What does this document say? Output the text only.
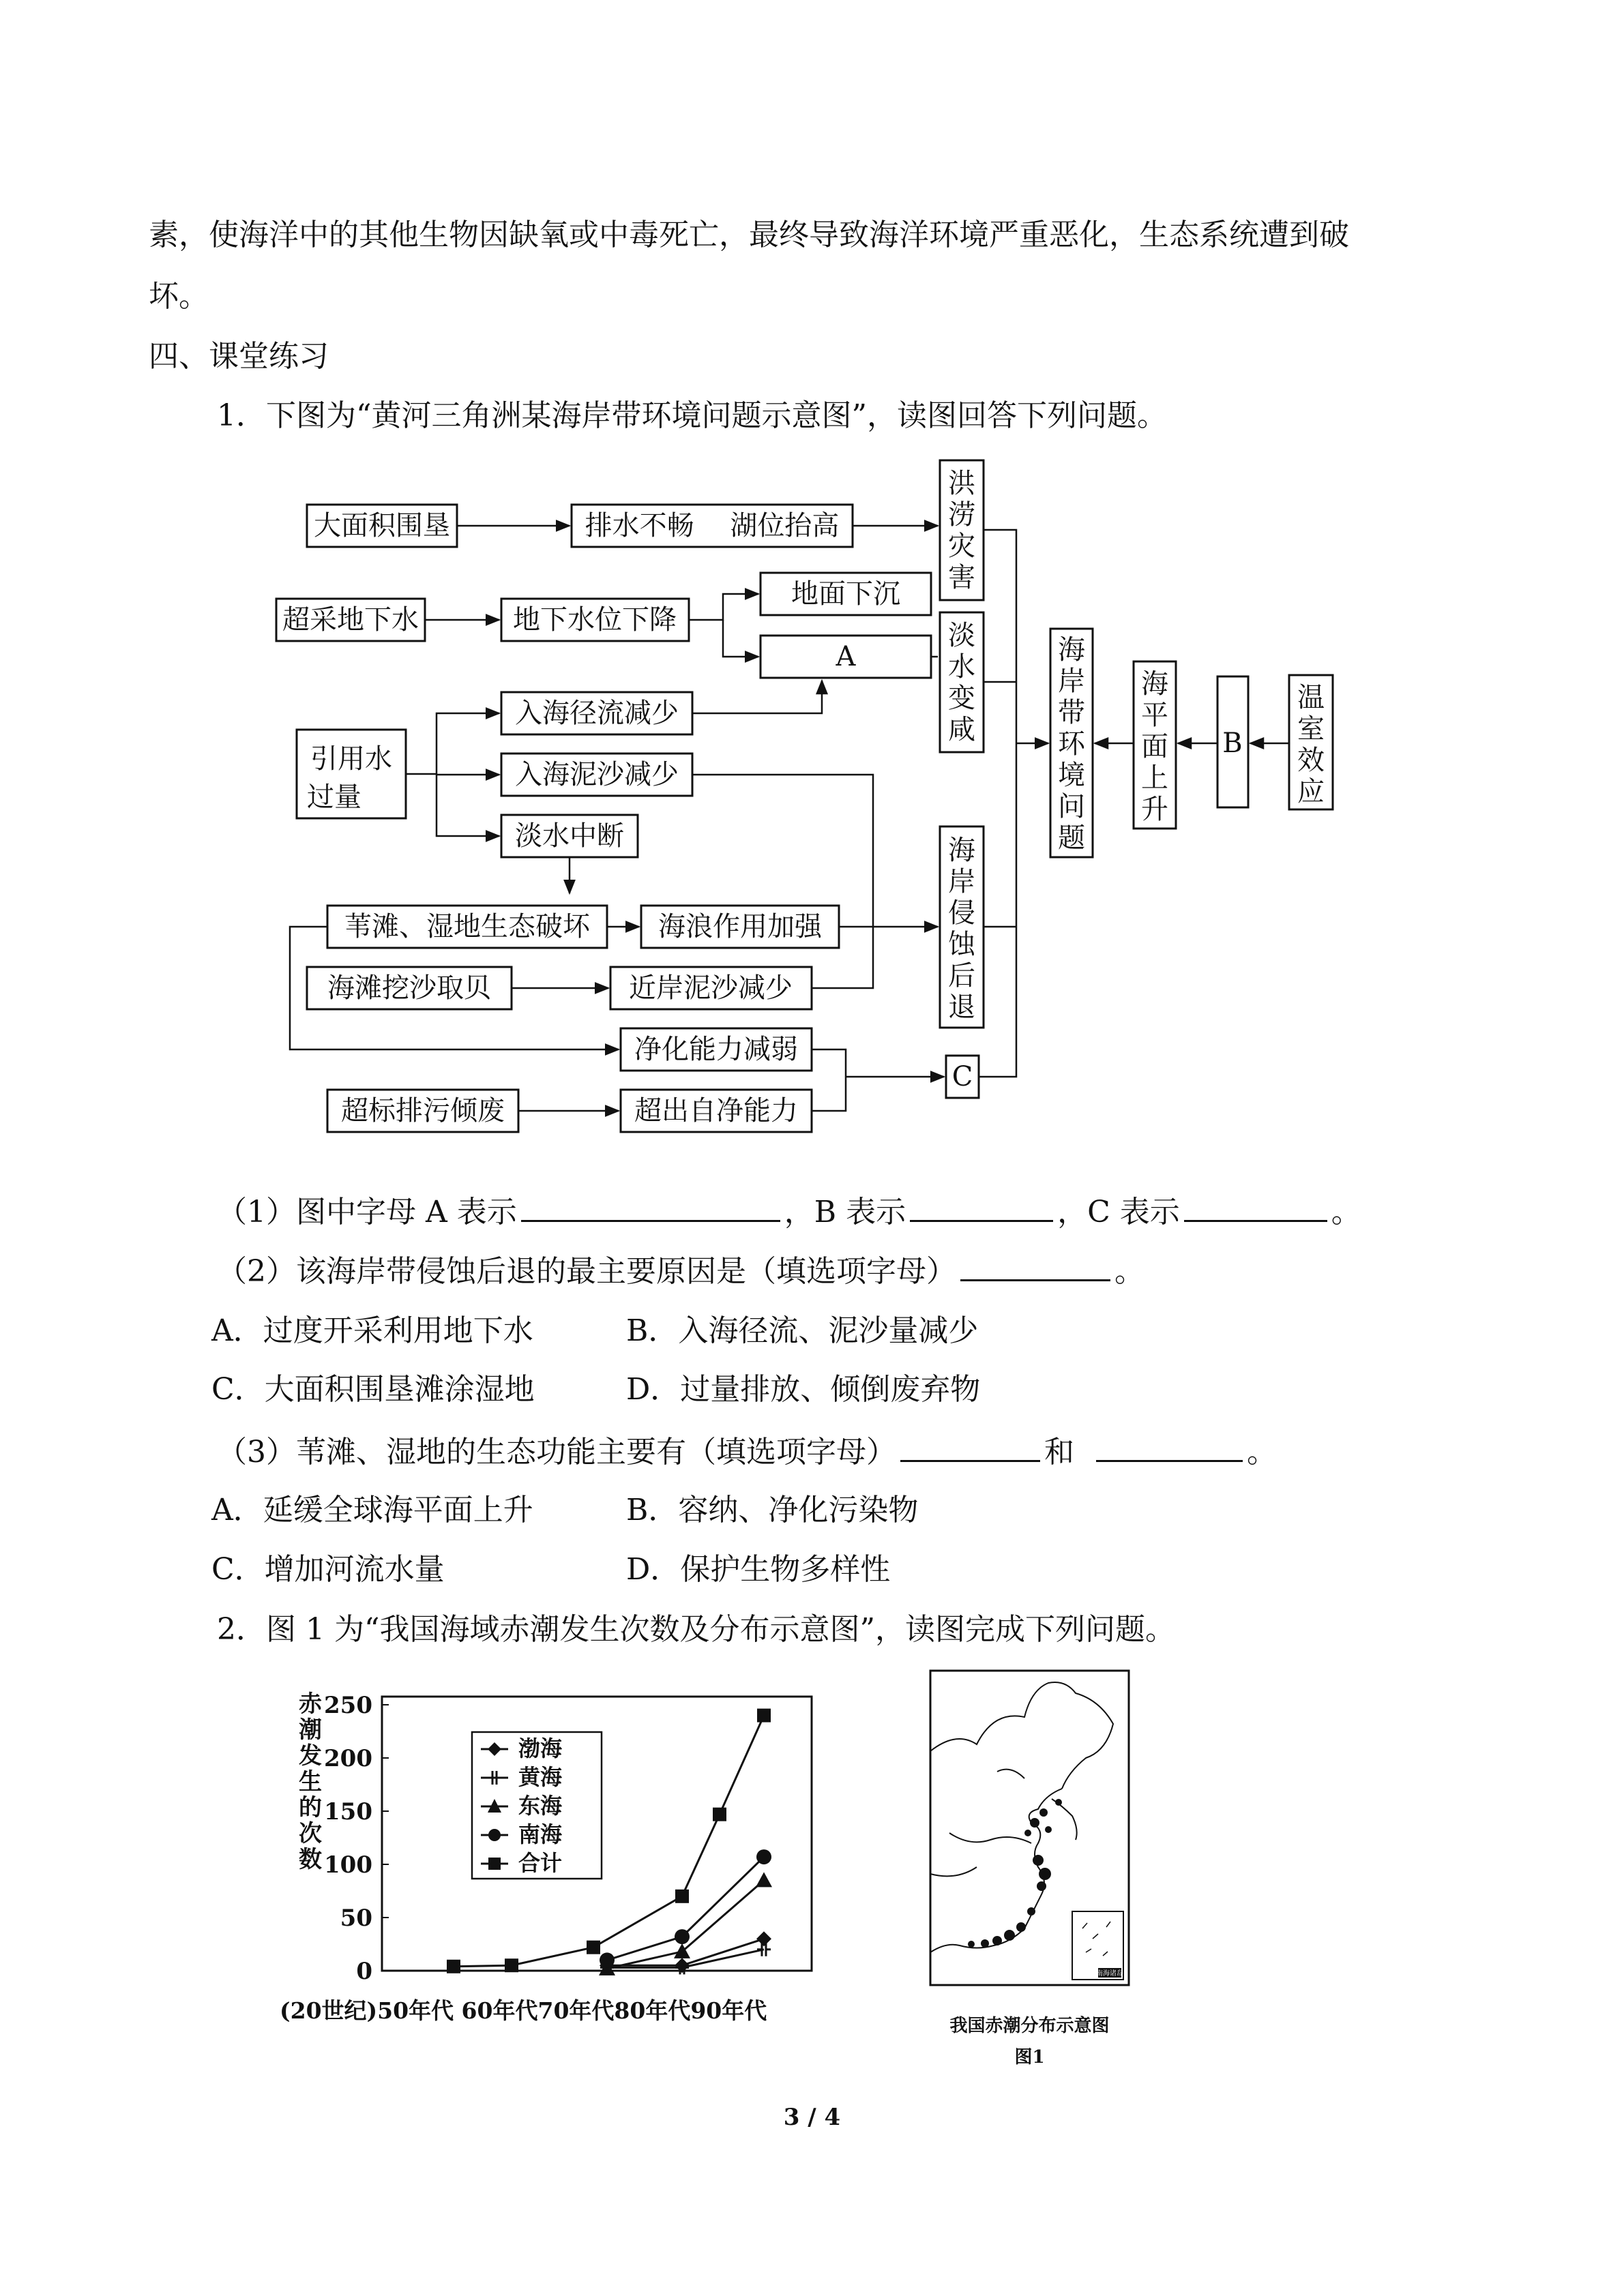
素，使海洋中的其他生物因缺氧或中毒死亡，最终导致海洋环境严重恶化，生态系统遭到破
坏。
四、课堂练习
1．下图为“黄河三角洲某海岸带环境问题示意图”，读图回答下列问题。
大面积围垦	排水不畅　 湖位抬高
超采地下水	地下水位下降
地面下沉
A
入海径流减少
引用水
过量
入海泥沙减少
淡水中断
苇滩、湿地生态破坏	海浪作用加强
海滩挖沙取贝	近岸泥沙减少
净化能力减弱
超标排污倾废	超出自净能力
C
B
洪
涝
灾
害
淡
水
变
咸
海
岸
侵
蚀
后
退
海
岸
带
环
境
问
题
海
平
面
上
升
温
室
效
应
（1）图中字母 A 表示	，B 表示	，C 表示	。
（2）该海岸带侵蚀后退的最主要原因是（填选项字母）	。
A．过度开采利用地下水	B．入海径流、泥沙量减少
C．大面积围垦滩涂湿地	D．过量排放、倾倒废弃物
（3）苇滩、湿地的生态功能主要有（填选项字母）	和	。
A．延缓全球海平面上升	B．容纳、净化污染物
C．增加河流水量	D．保护生物多样性
2．图 1 为“我国海域赤潮发生次数及分布示意图”，读图完成下列问题。
0
50
100
150
200
250
赤
潮
发
生
的
次
数
渤海
黄海
东海
南海
合计
(20世纪)50年代 60年代70年代80年代90年代
南海诸岛
我国赤潮分布示意图
图1
3 / 4
